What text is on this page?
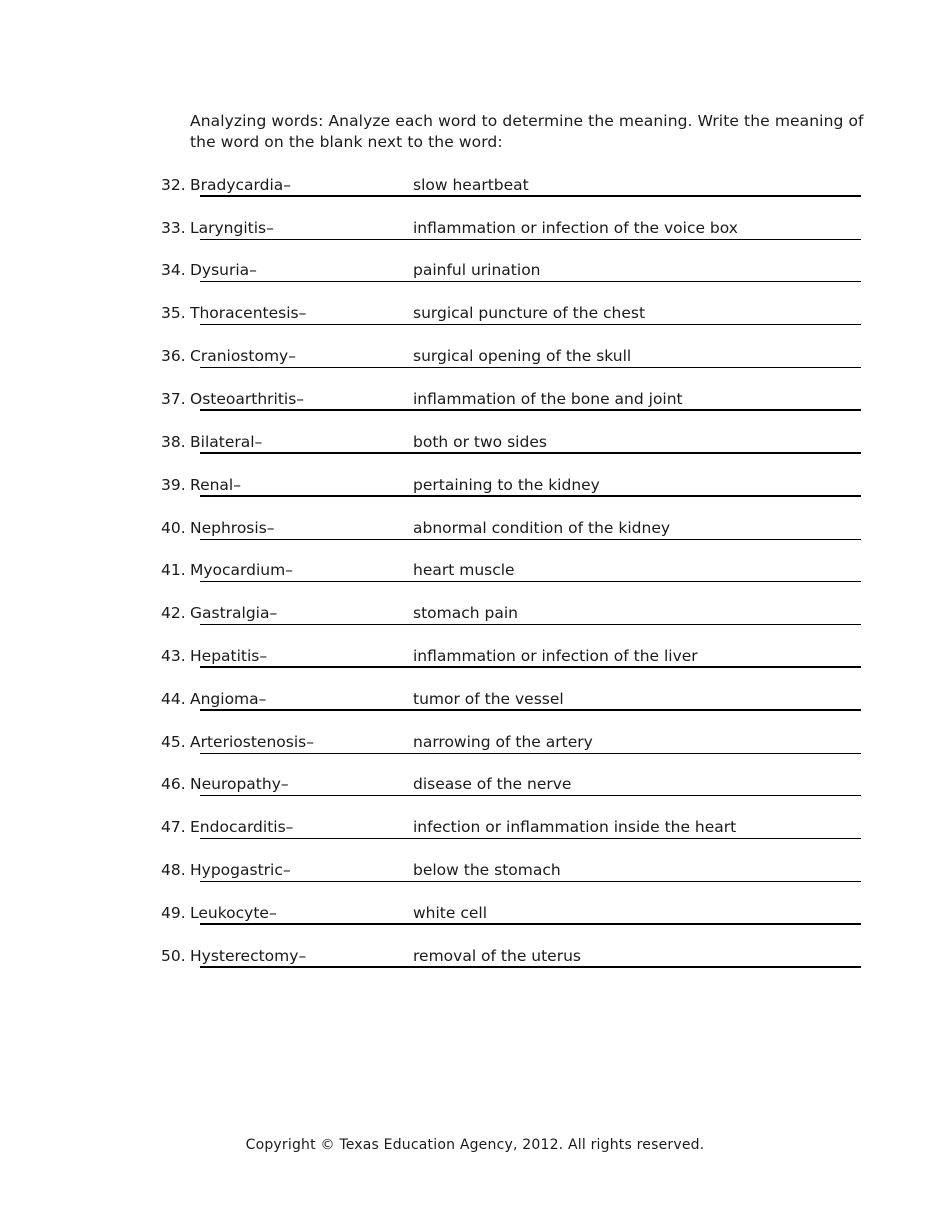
Analyzing words: Analyze each word to determine the meaning. Write the meaning of the word on the blank next to the word:
32. Bradycardia–	slow heartbeat
33. Laryngitis–	inflammation or infection of the voice box
34. Dysuria–	painful urination
35. Thoracentesis–	surgical puncture of the chest
36. Craniostomy–	surgical opening of the skull
37. Osteoarthritis–	inflammation of the bone and joint
38. Bilateral–	both or two sides
39. Renal–	pertaining to the kidney
40. Nephrosis–	abnormal condition of the kidney
41. Myocardium–	heart muscle
42. Gastralgia–	stomach pain
43. Hepatitis–	inflammation or infection of the liver
44. Angioma–	tumor of the vessel
45. Arteriostenosis–	narrowing of the artery
46. Neuropathy–	disease of the nerve
47. Endocarditis–	infection or inflammation inside the heart
48. Hypogastric–	below the stomach
49. Leukocyte–	white cell
50. Hysterectomy–	removal of the uterus
Copyright © Texas Education Agency, 2012. All rights reserved.
